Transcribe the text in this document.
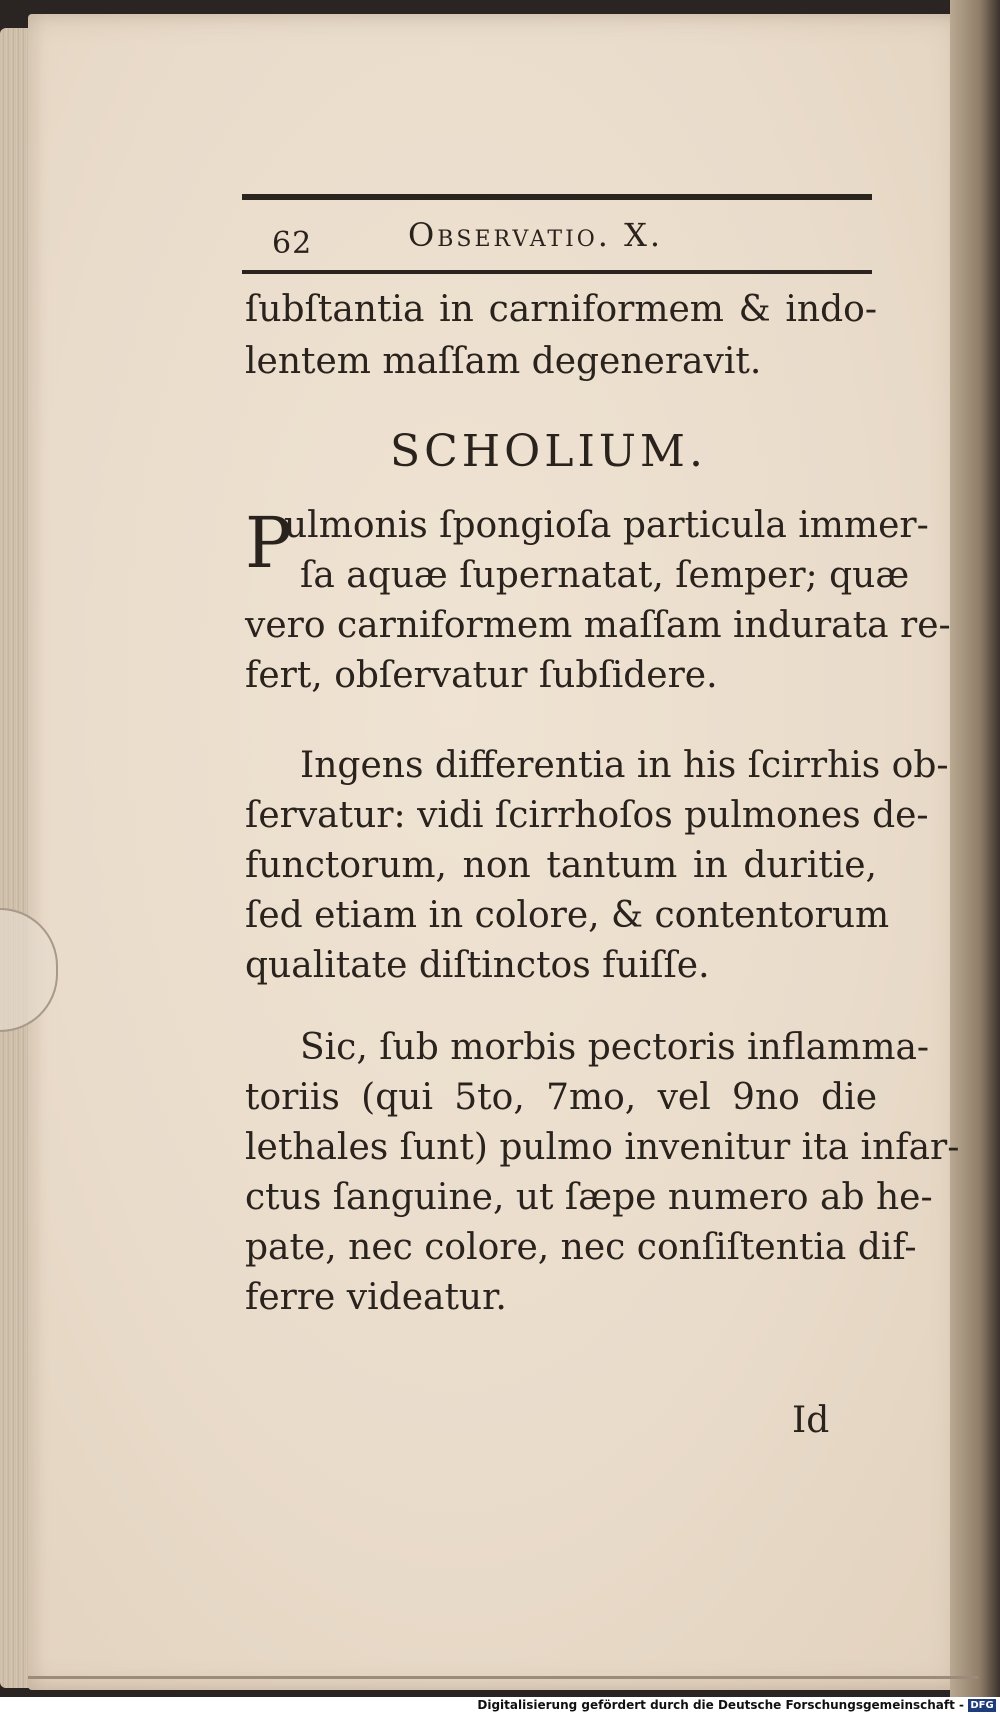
62	Observatio. X.
ſubſtantia in carniformem & indo-
lentem maſſam degeneravit.
SCHOLIUM.
P
ulmonis ſpongioſa particula immer-
ſa aquæ ſupernatat, ſemper; quæ
vero carniformem maſſam indurata re-
fert, obſervatur ſubſidere.
Ingens differentia in his ſcirrhis ob-
ſervatur: vidi ſcirrhoſos pulmones de-
functorum, non tantum in duritie,
ſed etiam in colore, & contentorum
qualitate diſtinctos fuiſſe.
Sic, ſub morbis pectoris inflamma-
toriis (qui 5to, 7mo, vel 9no die
lethales ſunt) pulmo invenitur ita infar-
ctus ſanguine, ut ſæpe numero ab he-
pate, nec colore, nec conſiſtentia dif-
ferre videatur.
Id
Digitalisierung gefördert durch die Deutsche Forschungsgemeinschaft - DFG
